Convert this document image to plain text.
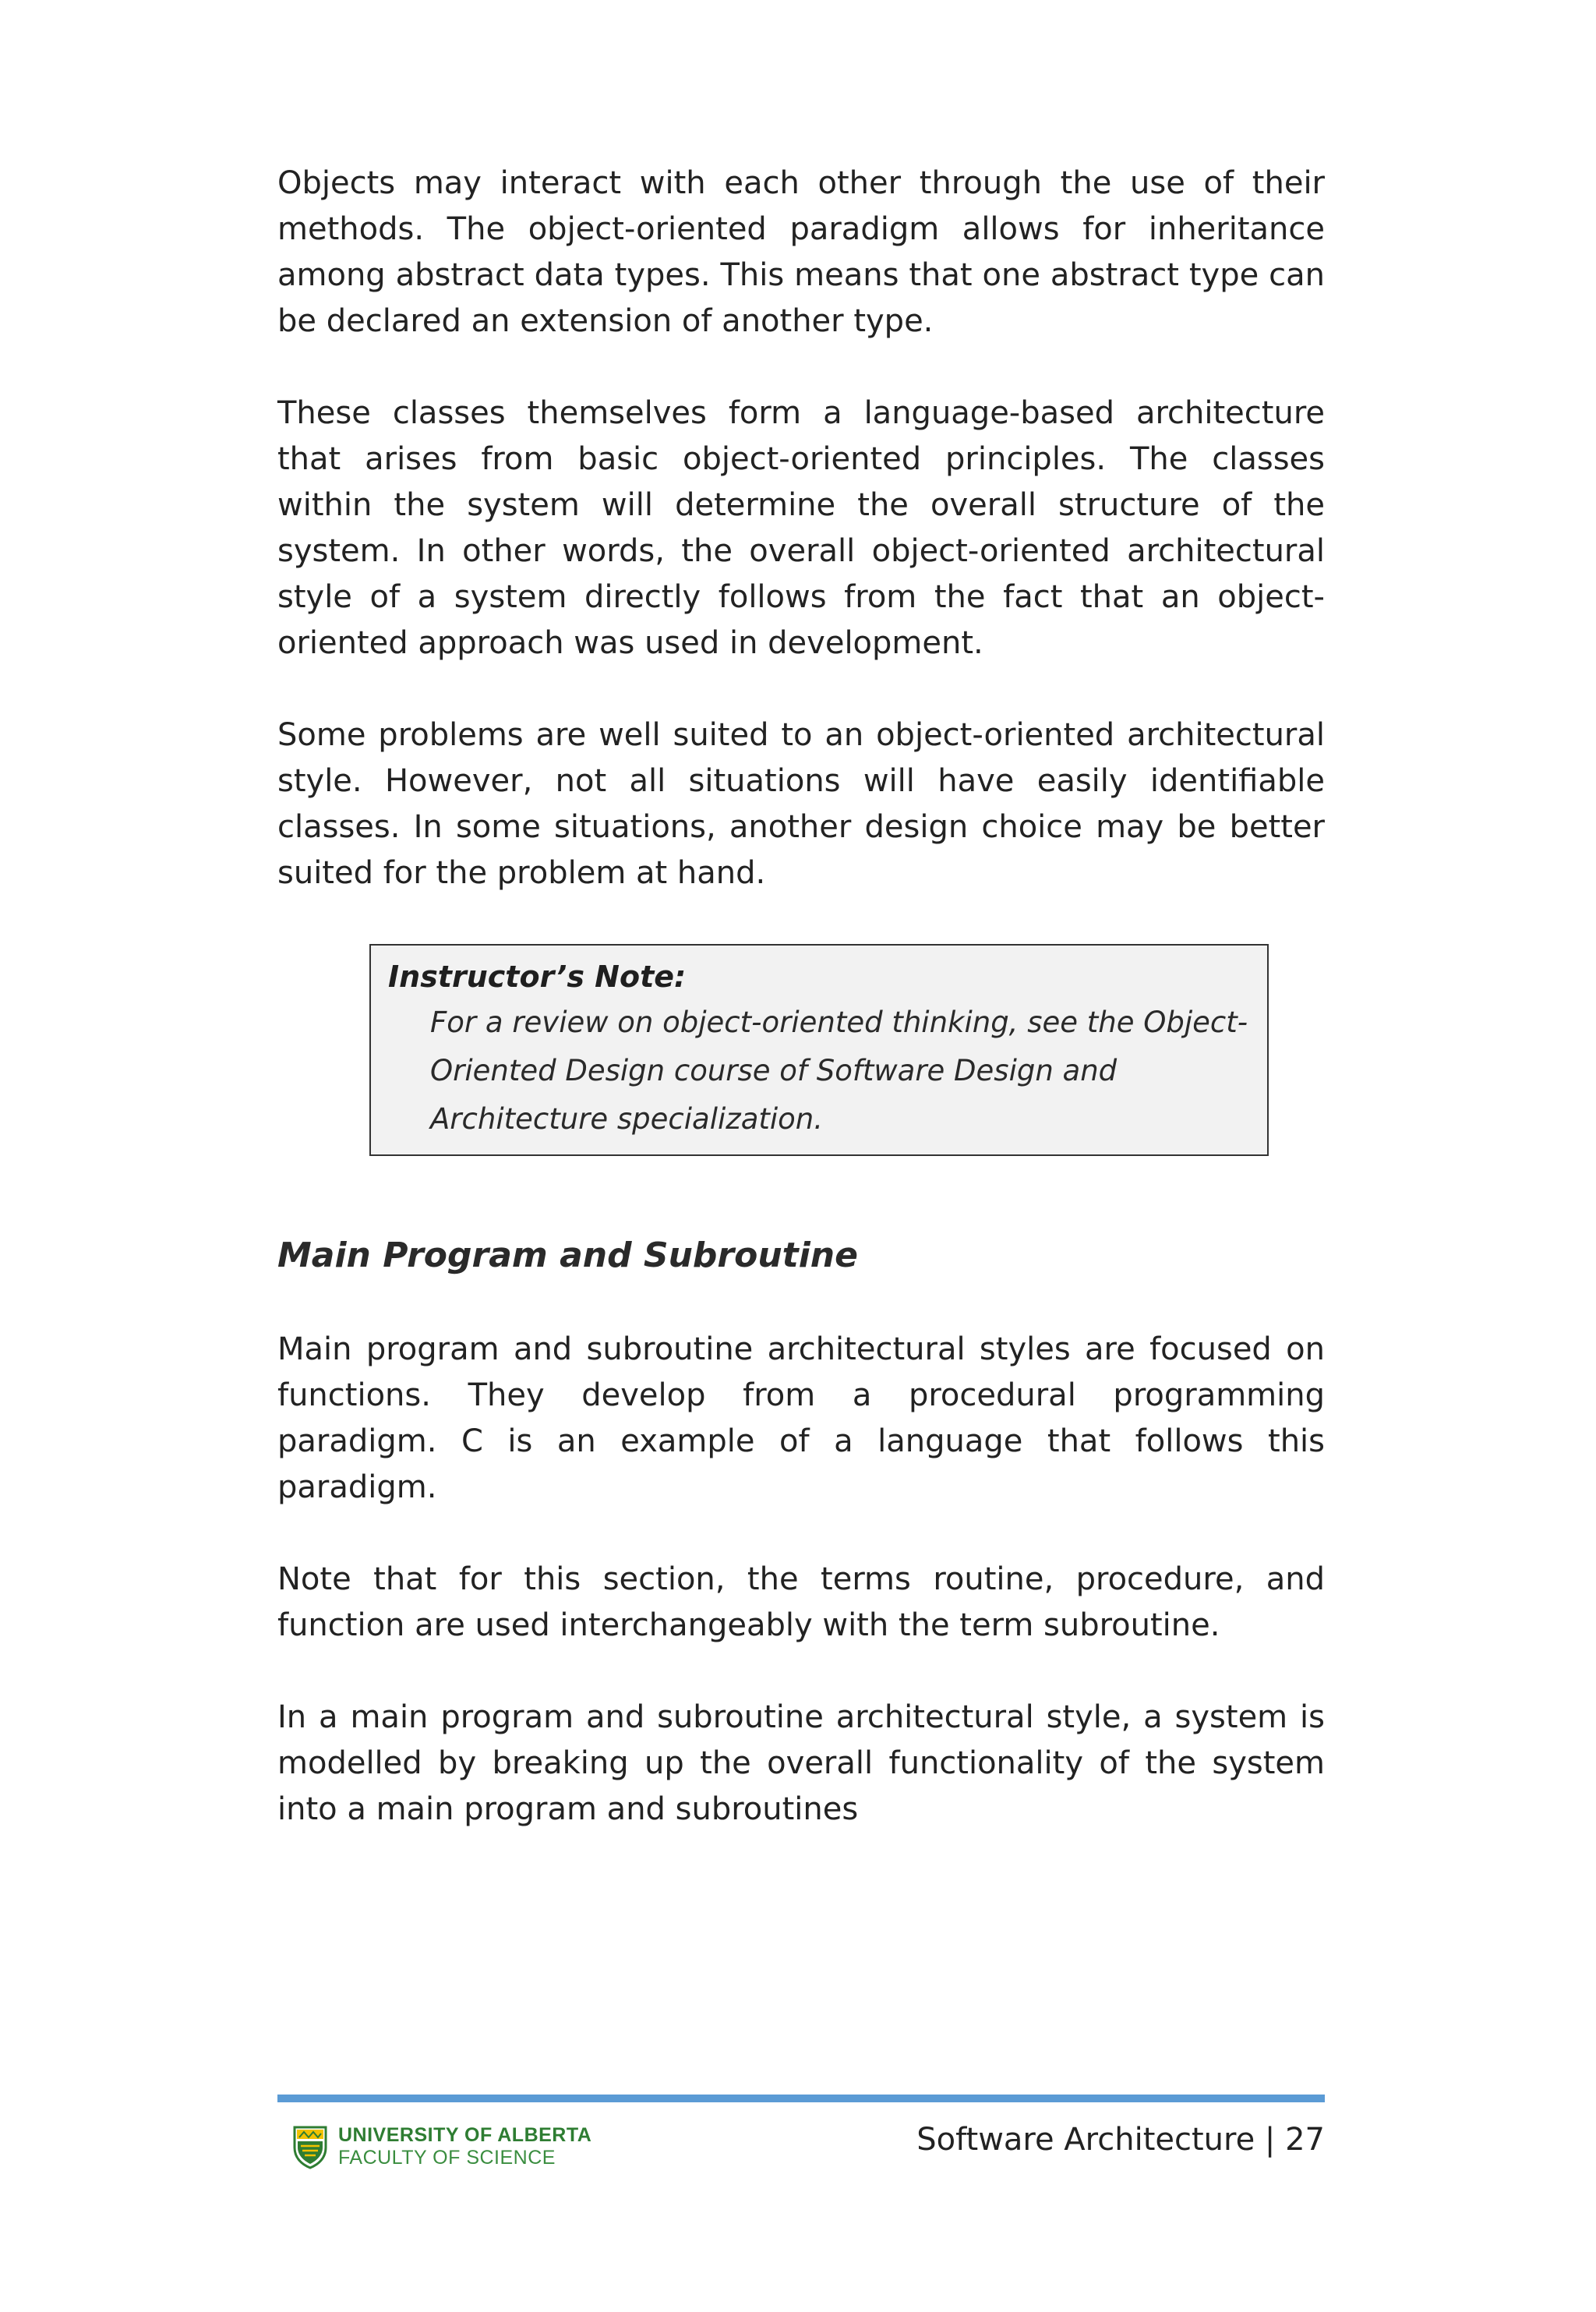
Objects may interact with each other through the use of their methods. The object-oriented paradigm allows for inheritance among abstract data types. This means that one abstract type can be declared an extension of another type.

These classes themselves form a language-based architecture that arises from basic object-oriented principles. The classes within the system will determine the overall structure of the system. In other words, the overall object-oriented architectural style of a system directly follows from the fact that an object-oriented approach was used in development.

Some problems are well suited to an object-oriented architectural style. However, not all situations will have easily identifiable classes. In some situations, another design choice may be better suited for the problem at hand.

Instructor’s Note:

For a review on object-oriented thinking, see the Object-Oriented Design course of Software Design and Architecture specialization.

Main Program and Subroutine

Main program and subroutine architectural styles are focused on functions. They develop from a procedural programming paradigm. C is an example of a language that follows this paradigm.

Note that for this section, the terms routine, procedure, and function are used interchangeably with the term subroutine.

In a main program and subroutine architectural style, a system is modelled by breaking up the overall functionality of the system into a main program and subroutines

UNIVERSITY OF ALBERTA
FACULTY OF SCIENCE	Software Architecture | 27
